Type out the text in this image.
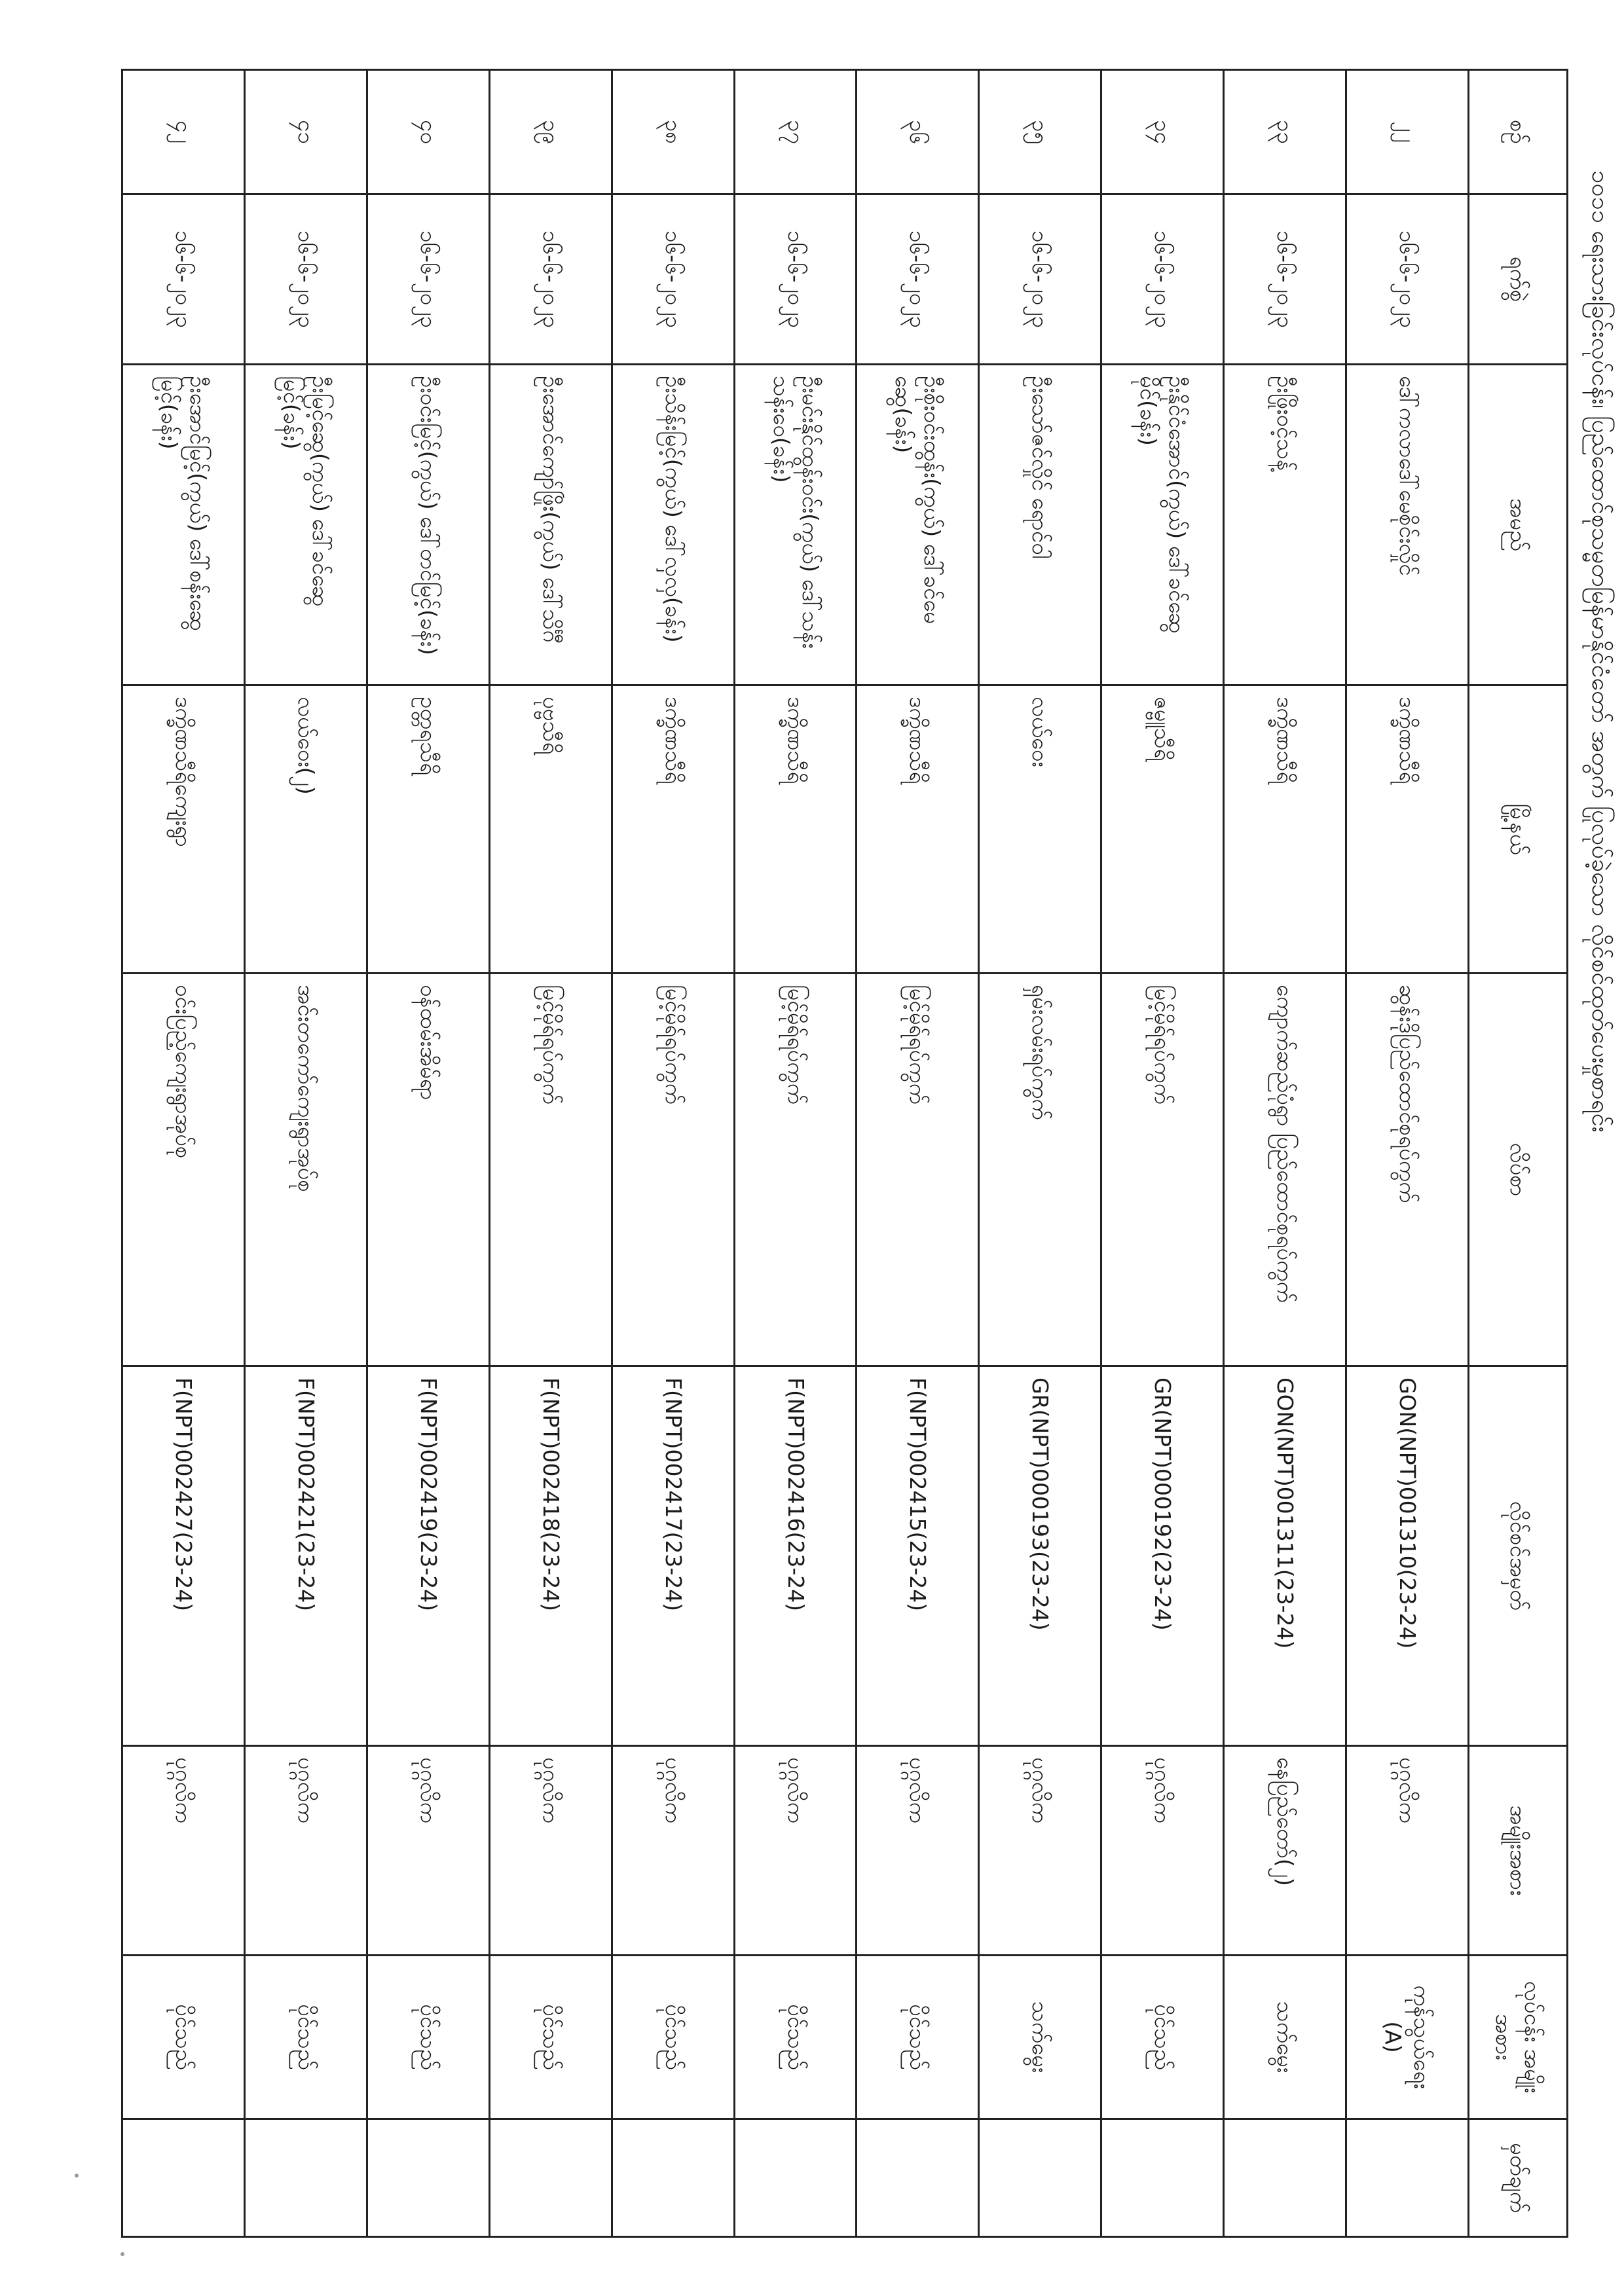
၁၀၁၁ ရေးသားခြင်းလုပ်ငန်း၊ ပြည်ထောင်စုသမ္မတမြန်မာနိုင်ငံတော် အတွက် ပြုလုပ်ခဲ့သော လိုင်စင်ထုတ်ပေးမှုစာရင်း
စဉ်	ရက်စွဲ	အမည်	မြို့နယ်	လိပ်စာ	လိုင်စင်အမှတ်	အမျိုးအစား	လုပ်ငန်း အမျိုးအစား	မှတ်ချက်
၂၂	၁၆-၆-၂၀၂၃	ဒေါ်ကလာဒေါ်မေစိုင်းလှိုင်	ဒက္ခိဏသီရိ	ဆွန်းဒိုပြည်ထောင်စုရပ်ကွက်	GON(NPT)001310(23-24)	ပုဂ္ဂလိက	ကုန်သွယ်ရေး (A)	
၃၃	၁၆-၆-၂၀၂၃	ဦးဖြိုးဝင့်သန့်	ဒက္ခိဏသီရိ	ကျောက်ဆည်ပုံရွာ ပြည်ထောင်စုရပ်ကွက်	GON(NPT)001311(23-24)	နေပြည်တော်(၂)	သက်မွေး	
၃၄	၁၆-၆-၂၀၂၃	ဦးနိုင်ငံအောင်(ကွယ်) ဒေါ်ခင်ဆွေမိုင်(ခန်း)	ဇမ္ဗူသီရိ	မြင့်မိုရ်ရပ်ကွက်	GR(NPT)000192(23-24)	ပုဂ္ဂလိက	ပိုင်သည်	
၃၅	၁၆-၆-၂၀၂၃	ဦးသော်ဇင်လှိုင် ရောင်ဝါ	လယ်ဝေး	ရှမ်းလမ်းရပ်ကွက်	GR(NPT)000193(23-24)	ပုဂ္ဂလိက	သက်မွေး	
၃၆	၁၆-၆-၂၀၂၃	ဦးစိုးဝင်းထွန်း(ကွယ်) ဒေါ်ခင်မေဆွေ(ခန်း)	ဒက္ခိဏသီရိ	မြင့်မိုရ်ရပ်ကွက်	F(NPT)002415(23-24)	ပုဂ္ဂလိက	ပိုင်သည်	
၃၇	၁၆-၆-၂၀၂၃	ဦးမင်းနိုင်ထွန်းဝင်း(ကွယ်) ဒေါ်သန်းသန်းဝေ(ခန်း)	ဒက္ခိဏသီရိ	မြင့်မိုရ်ရပ်ကွက်	F(NPT)002416(23-24)	ပုဂ္ဂလိက	ပိုင်သည်	
၃၈	၁၆-၆-၂၀၂၃	ဦးသိန်းမြင့်(ကွယ်) ဒေါ်လှလှ(ခန်း)	ဒက္ခိဏသီရိ	မြင့်မိုရ်ရပ်ကွက်	F(NPT)002417(23-24)	ပုဂ္ဂလိက	ပိုင်သည်	
၃၉	၁၆-၆-၂၀၂၃	ဦးအောင်ကျော်ဖြိုး(ကွယ်) ဒေါ်သိင်္ဂီ	ပုဗ္ဗသီရိ	မြင့်မိုရ်ရပ်ကွက်	F(NPT)002418(23-24)	ပုဂ္ဂလိက	ပိုင်သည်	
၄၀	၁၆-၆-၂၀၂၃	ဦးဝင်းမြင့်(ကွယ်) ဒေါ်တင်မြင့်(ခန်း)	ဥတ္တရသီရိ	ဝန်ထမ်းအိမ်ရာ	F(NPT)002419(23-24)	ပုဂ္ဂလိက	ပိုင်သည်	
၄၁	၁၆-၆-၂၀၂၃	ဦးမြင့်ဆွေ(ကွယ်) ဒေါ်ခင်ဆွေမြင့်(ခန်း)	လယ်ဝေး(၂)	အင်းတကော်ကျေးရွာအုပ်စု	F(NPT)002421(23-24)	ပုဂ္ဂလိက	ပိုင်သည်	
၄၂	၁၆-၆-၂၀၂၃	ဦးအောင်မြင့်(ကွယ်) ဒေါ်စန်းဆွေမြင့်(ခန်း)	ဒက္ခိဏသီရိကျေးရွာ	ဝင်းပြည့်ကျေးရွာအုပ်စု	F(NPT)002427(23-24)	ပုဂ္ဂလိက	ပိုင်သည်	
